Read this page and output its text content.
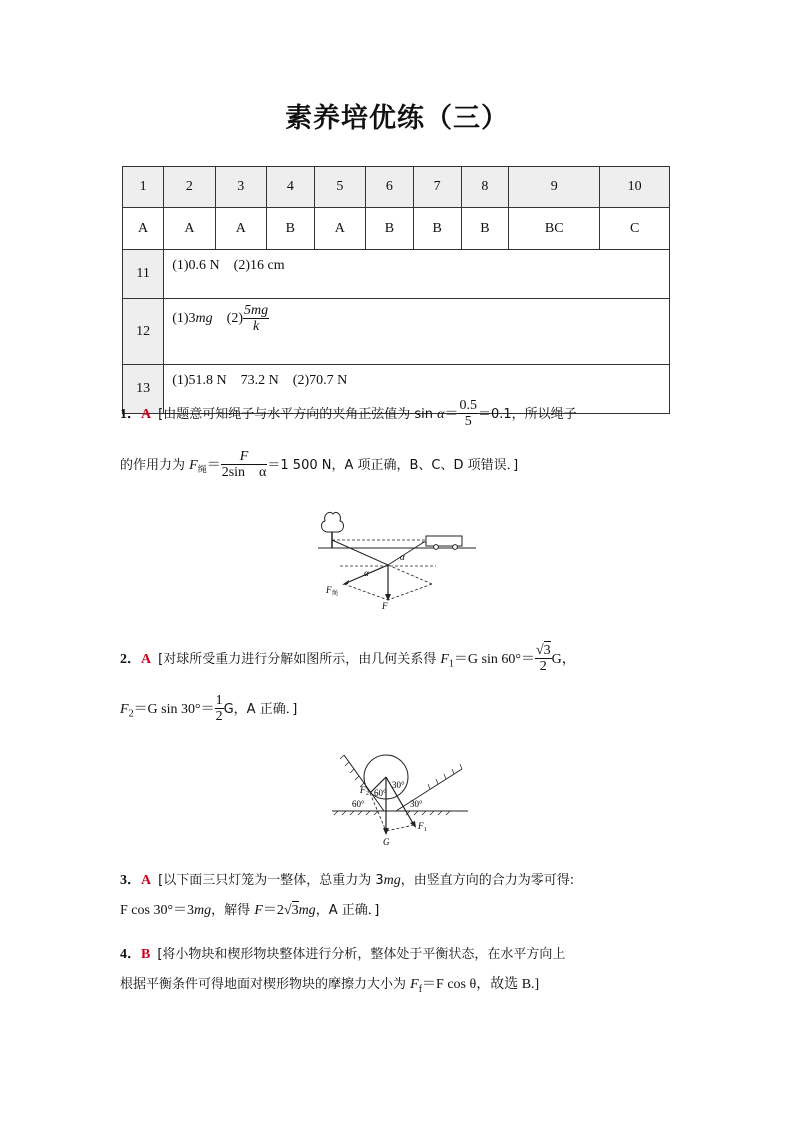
素养培优练（三）
1	2	3	4	5	6	7	8	9	10
A	A	A	B	A	B	B	B	BC	C
11	(1)0.6 N  (2)16 cm								
12	(1)3mg  $(2) \frac{5mg}{k}$

13	(1)51.8 N  73.2 N  (2)70.7 N								
1．A  [由题意可知绳子与水平方向的夹角正弦值为 $\sin \alpha= \frac{0.5}{5} =0.1$，所以绳子
的作用力为 $F_绳= \frac{F}{\text{2sin　α}} =1$ 500 N，A 项正确，B、C、D 项错误．]
α
α
F 绳
F
2．A  [对球所受重力进行分解如图所示，由几何关系得 $F_1=G$ $\sin 60^\circ= \frac{√3}{2}$ G，
$F_2=G$ $\sin 30^\circ= \frac{1}{2}$ G，A 正确．]
60°
30°
60°	30°
F 2
F 1
G
3．A  [以下面三只灯笼为一整体，总重力为 3mg，由竖直方向的合力为零可得:
F cos 30°＝3mg，解得 F＝2√3mg，A 正确．]
4．B  [将小物块和楔形物块整体进行分析，整体处于平衡状态，在水平方向上
根据平衡条件可得地面对楔形物块的摩擦力大小为 $F_f=F$ cos θ，故选 B.]
